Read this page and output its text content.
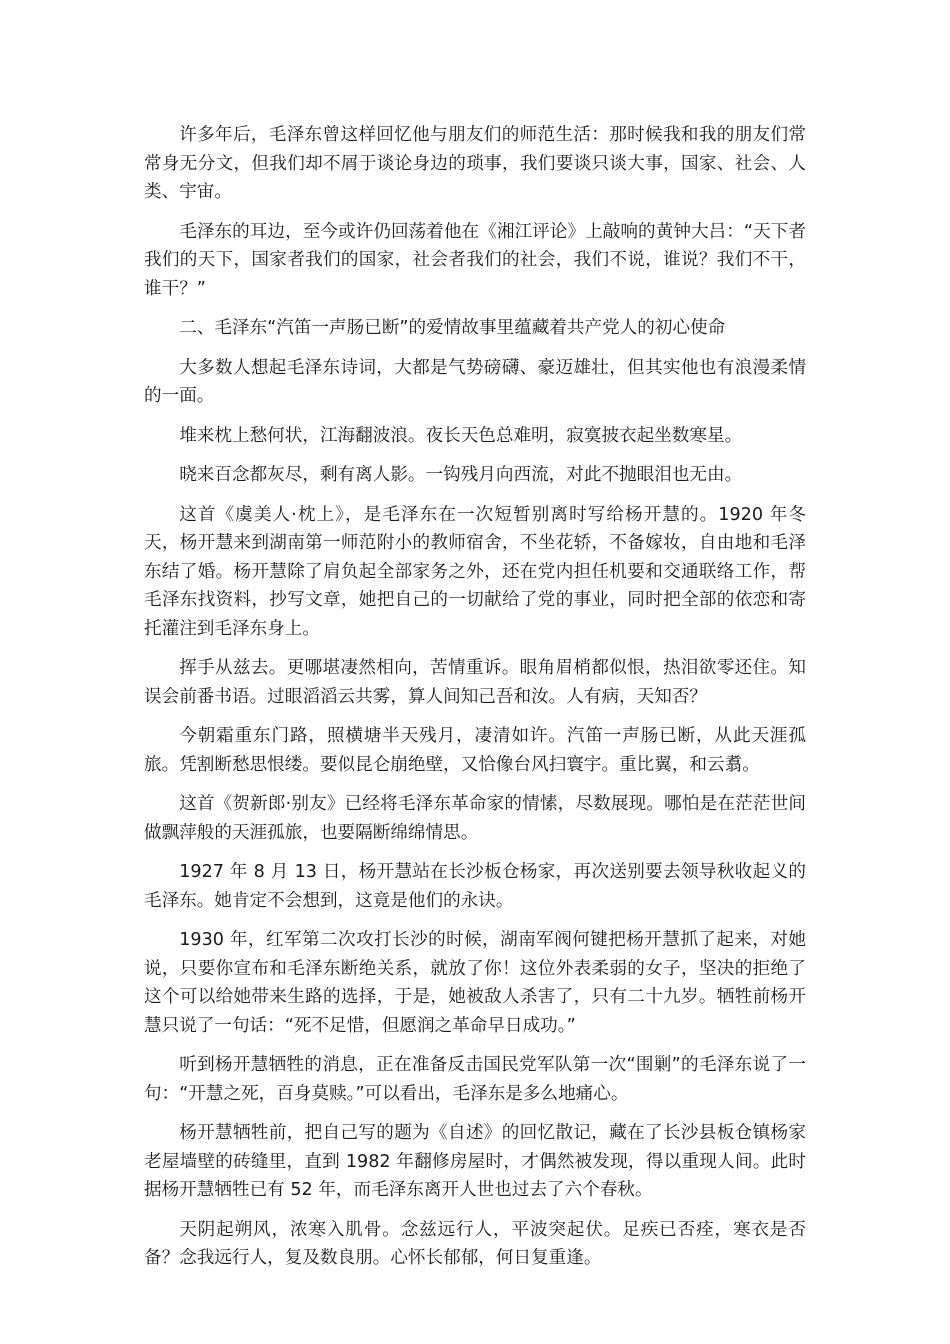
许多年后，毛泽东曾这样回忆他与朋友们的师范生活：那时候我和我的朋友们常常身无分文，但我们却不屑于谈论身边的琐事，我们要谈只谈大事，国家、社会、人类、宇宙。

毛泽东的耳边，至今或许仍回荡着他在《湘江评论》上敲响的黄钟大吕：“天下者我们的天下，国家者我们的国家，社会者我们的社会，我们不说，谁说？我们不干，谁干？”

二、毛泽东“汽笛一声肠已断”的爱情故事里蕴藏着共产党人的初心使命

大多数人想起毛泽东诗词，大都是气势磅礴、豪迈雄壮，但其实他也有浪漫柔情的一面。

堆来枕上愁何状，江海翻波浪。夜长天色总难明，寂寞披衣起坐数寒星。

晓来百念都灰尽，剩有离人影。一钩残月向西流，对此不抛眼泪也无由。

这首《虞美人·枕上》，是毛泽东在一次短暂别离时写给杨开慧的。1920 年冬天，杨开慧来到湖南第一师范附小的教师宿舍，不坐花轿，不备嫁妆，自由地和毛泽东结了婚。杨开慧除了肩负起全部家务之外，还在党内担任机要和交通联络工作，帮毛泽东找资料，抄写文章，她把自己的一切献给了党的事业，同时把全部的依恋和寄托灌注到毛泽东身上。

挥手从兹去。更哪堪凄然相向，苦情重诉。眼角眉梢都似恨，热泪欲零还住。知误会前番书语。过眼滔滔云共雾，算人间知己吾和汝。人有病，天知否？

今朝霜重东门路，照横塘半天残月，凄清如许。汽笛一声肠已断，从此天涯孤旅。凭割断愁思恨缕。要似昆仑崩绝壁，又恰像台风扫寰宇。重比翼，和云翥。

这首《贺新郎·别友》已经将毛泽东革命家的情愫，尽数展现。哪怕是在茫茫世间做飘萍般的天涯孤旅，也要隔断绵绵情思。

1927 年 8 月 13 日，杨开慧站在长沙板仓杨家，再次送别要去领导秋收起义的毛泽东。她肯定不会想到，这竟是他们的永诀。

1930 年，红军第二次攻打长沙的时候，湖南军阀何键把杨开慧抓了起来，对她说，只要你宣布和毛泽东断绝关系，就放了你！这位外表柔弱的女子，坚决的拒绝了这个可以给她带来生路的选择，于是，她被敌人杀害了，只有二十九岁。牺牲前杨开慧只说了一句话：“死不足惜，但愿润之革命早日成功。”

听到杨开慧牺牲的消息，正在准备反击国民党军队第一次“围剿”的毛泽东说了一句：“开慧之死，百身莫赎。”可以看出，毛泽东是多么地痛心。

杨开慧牺牲前，把自己写的题为《自述》的回忆散记，藏在了长沙县板仓镇杨家老屋墙壁的砖缝里，直到 1982 年翻修房屋时，才偶然被发现，得以重现人间。此时据杨开慧牺牲已有 52 年，而毛泽东离开人世也过去了六个春秋。

天阴起朔风，浓寒入肌骨。念兹远行人，平波突起伏。足疾已否痊，寒衣是否备？念我远行人，复及数良朋。心怀长郁郁，何日复重逢。
